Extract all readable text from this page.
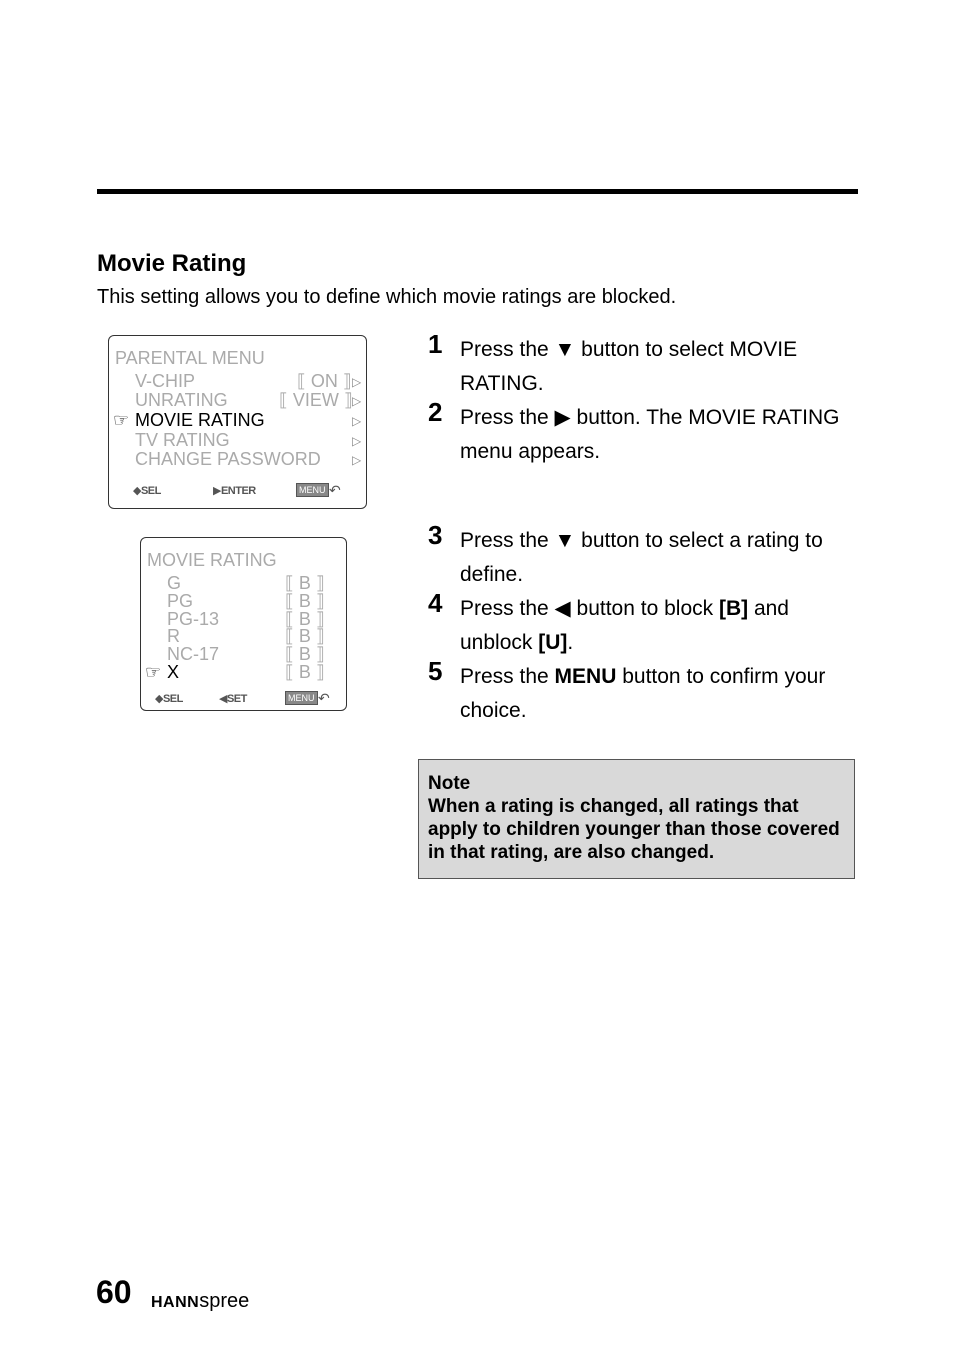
Movie Rating
This setting allows you to define which movie ratings are blocked.
PARENTAL MENU
V-CHIP	⟦ ON ⟧ ▷
UNRATING	⟦ VIEW ⟧ ▷
☞ MOVIE RATING	▷
TV RATING	▷
CHANGE PASSWORD	▷
◆SEL	▶ENTER	MENU ↶
MOVIE RATING
G	⟦ B ⟧
PG	⟦ B ⟧
PG-13	⟦ B ⟧
R	⟦ B ⟧
NC-17	⟦ B ⟧
☞ X	⟦ B ⟧
◆SEL	◀SET	MENU ↶
1 Press the ▼ button to select MOVIE RATING.
2 Press the ▶ button. The MOVIE RATING menu appears.
3 Press the ▼ button to select a rating to define.
4 Press the ◀ button to block [B] and unblock [U].
5 Press the MENU button to confirm your choice.
Note
When a rating is changed, all ratings that apply to children younger than those covered in that rating, are also changed.
60 HANNspree
